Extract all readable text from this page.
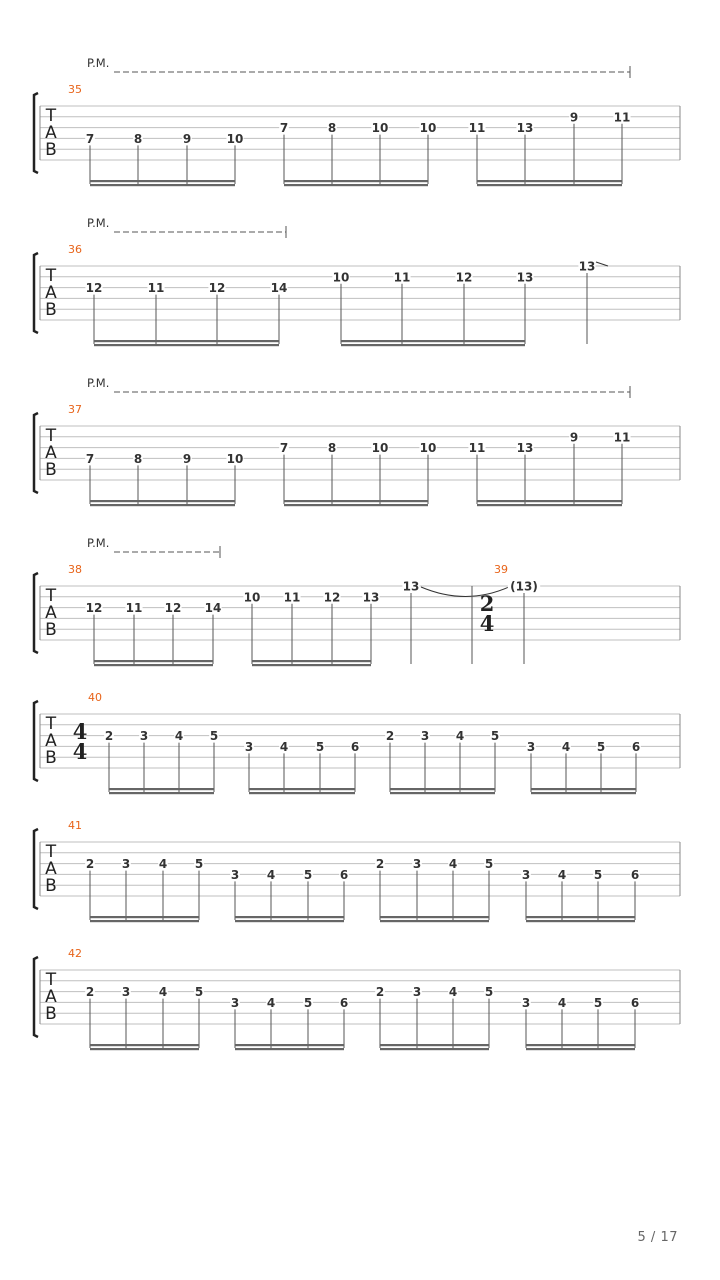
P.M.
T
A
B
35
7	8	9	10
7	8	10	10	11	13
9	11
P.M.
T
A
B
36
12	11	12	14
10	11	12	13
13
P.M.
T
A
B
37
7	8	9	10
7	8	10	10	11	13
9	11
P.M.
T
A
B
38
12 11 12 14
10 11 12 13
13
39
2
4
(13)
T
A
B
40
4
4
2 3 4 5
3 4 5 6
2 3 4 5
3 4 5 6
T
A
B
41
2 3 4 5
3 4 5 6
2 3 4 5
3 4 5 6
T
A
B
42
2 3 4 5
3 4 5 6
2 3 4 5
3 4 5 6
5 / 17
